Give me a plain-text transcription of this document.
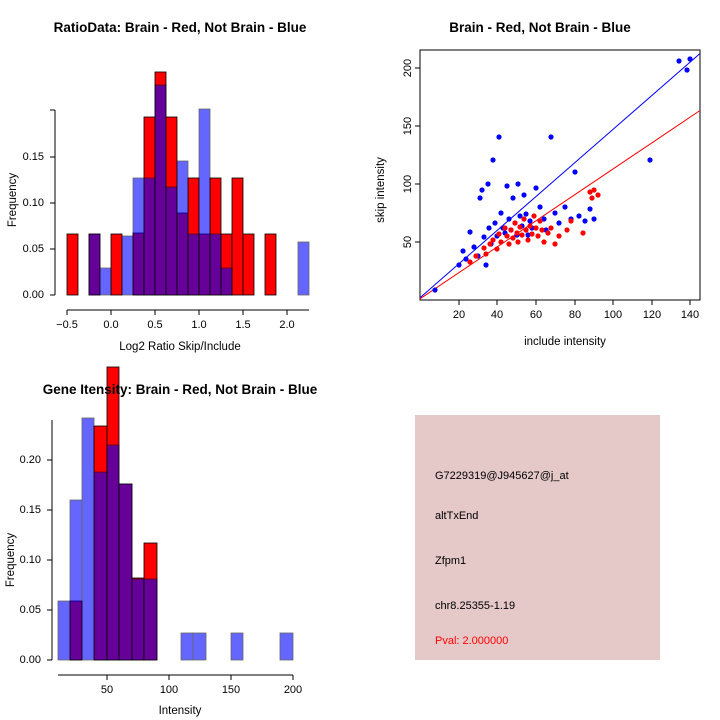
RatioData: Brain - Red, Not Brain - Blue
0.00
0.05
0.10
0.15
Frequency
−0.5 0.0	0.5	1.0	1.5	2.0
Log2 Ratio Skip/Include
Brain - Red, Not Brain - Blue
50
100
150
200
skip intensity
20 40 60 80 100 120 140
include intensity
Gene Itensity: Brain - Red, Not Brain - Blue
0.00
0.05
0.10
0.15
0.20
Frequency
50	100	150	200
Intensity
G7229319@J945627@j_at
altTxEnd
Zfpm1
chr8.25355-1.19
Pval: 2.000000
